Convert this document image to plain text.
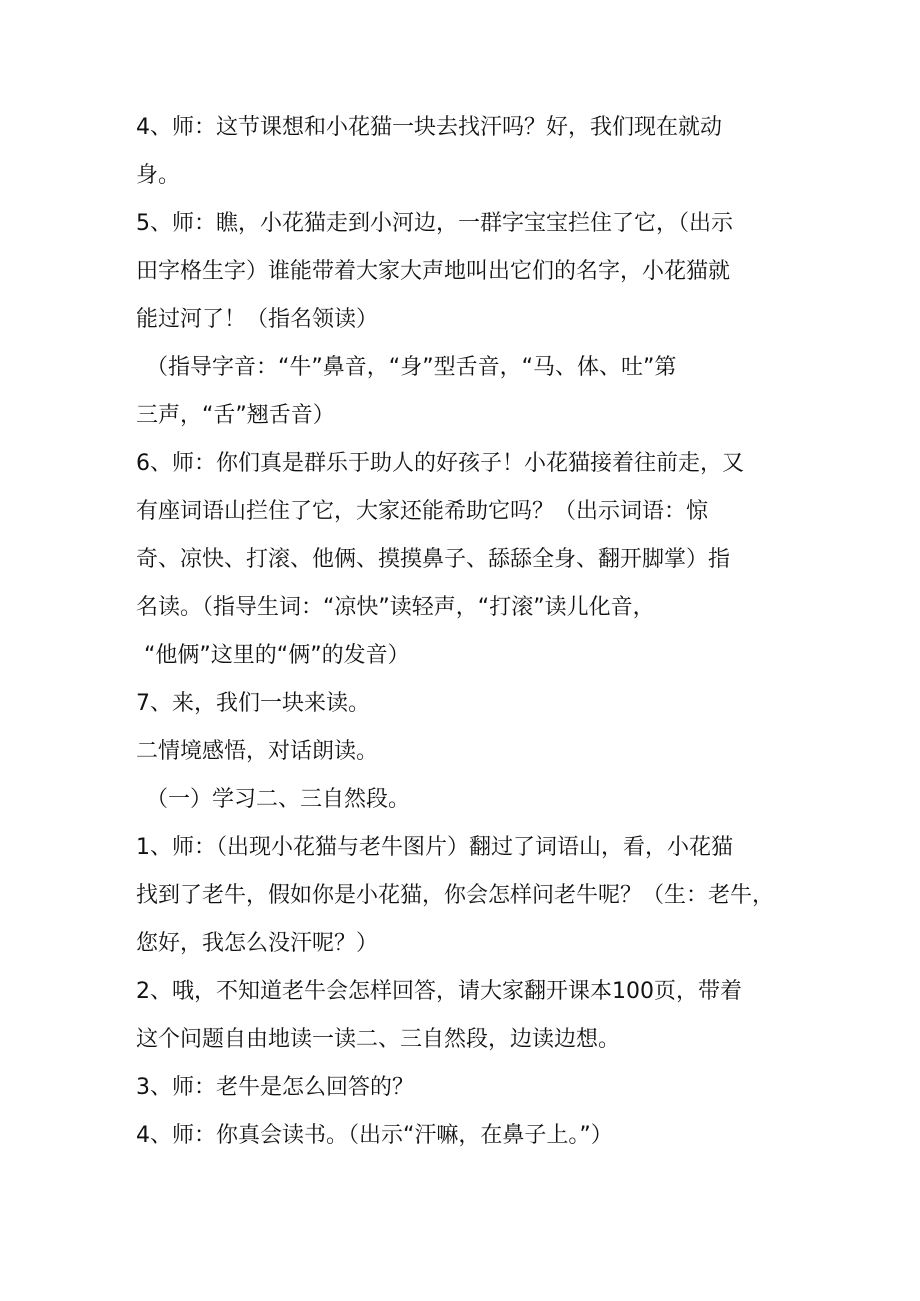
4、师：这节课想和小花猫一块去找汗吗？好，我们现在就动
身。
5、师：瞧，小花猫走到小河边，一群字宝宝拦住了它，（出示
田字格生字）谁能带着大家大声地叫出它们的名字，小花猫就
能过河了！（指名领读）
（指导字音：“牛”鼻音，“身”型舌音，“马、体、吐”第
三声，“舌”翘舌音）
6、师：你们真是群乐于助人的好孩子！小花猫接着往前走，又
有座词语山拦住了它，大家还能希助它吗？（出示词语：惊
奇、凉快、打滚、他俩、摸摸鼻子、舔舔全身、翻开脚掌）指
名读。（指导生词：“凉快”读轻声，“打滚”读儿化音，
“他俩”这里的“俩”的发音）
7、来，我们一块来读。
二情境感悟，对话朗读。
（一）学习二、三自然段。
1、师：（出现小花猫与老牛图片）翻过了词语山，看，小花猫
找到了老牛，假如你是小花猫，你会怎样问老牛呢？（生：老牛，
您好，我怎么没汗呢？）
2、哦，不知道老牛会怎样回答，请大家翻开课本100页，带着
这个问题自由地读一读二、三自然段，边读边想。
3、师：老牛是怎么回答的？
4、师：你真会读书。（出示“汗嘛，在鼻子上。”）
